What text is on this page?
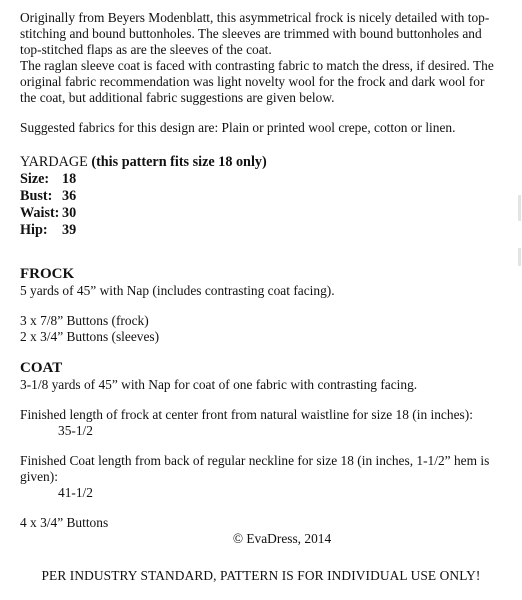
Originally from Beyers Modenblatt, this asymmetrical frock is nicely detailed with top-stitching and bound buttonholes. The sleeves are trimmed with bound buttonholes and top-stitched flaps as are the sleeves of the coat.

The raglan sleeve coat is faced with contrasting fabric to match the dress, if desired. The original fabric recommendation was light novelty wool for the frock and dark wool for the coat, but additional fabric suggestions are given below.

Suggested fabrics for this design are: Plain or printed wool crepe, cotton or linen.

YARDAGE (this pattern fits size 18 only)
Size: 18
Bust: 36
Waist: 30
Hip:	39

FROCK

5 yards of 45” with Nap (includes contrasting coat facing).

3 x 7/8” Buttons (frock)

2 x 3/4” Buttons (sleeves)

COAT

3-1/8 yards of 45” with Nap for coat of one fabric with contrasting facing.

Finished length of frock at center front from natural waistline for size 18 (in inches):

35-1/2

Finished Coat length from back of regular neckline for size 18 (in inches, 1-1/2” hem is given):

41-1/2

4 x 3/4” Buttons

© EvaDress, 2014

PER INDUSTRY STANDARD, PATTERN IS FOR INDIVIDUAL USE ONLY!
